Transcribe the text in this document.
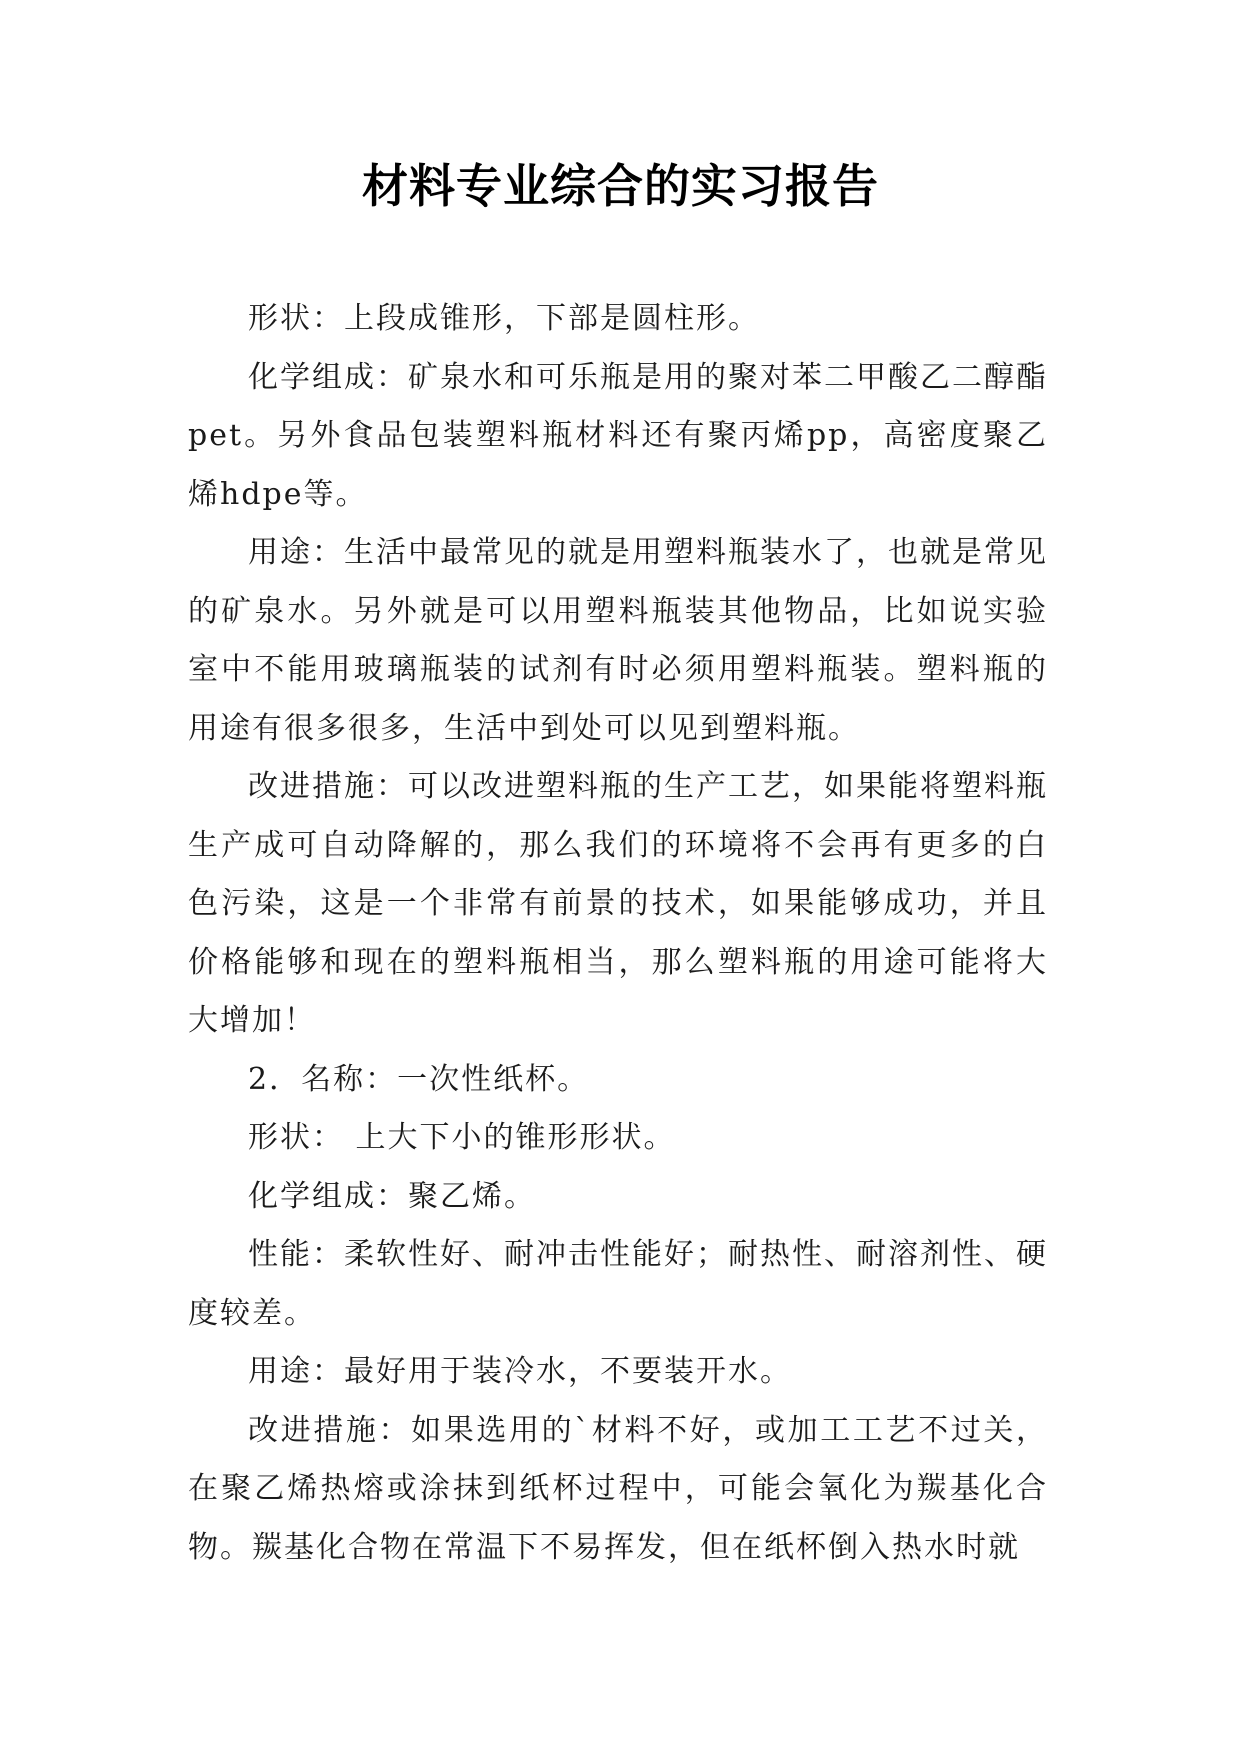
材料专业综合的实习报告

形状：上段成锥形，下部是圆柱形。

化学组成：矿泉水和可乐瓶是用的聚对苯二甲酸乙二醇酯pet。另外食品包装塑料瓶材料还有聚丙烯pp，高密度聚乙烯hdpe等。

用途：生活中最常见的就是用塑料瓶装水了，也就是常见的矿泉水。另外就是可以用塑料瓶装其他物品，比如说实验室中不能用玻璃瓶装的试剂有时必须用塑料瓶装。塑料瓶的用途有很多很多，生活中到处可以见到塑料瓶。

改进措施：可以改进塑料瓶的生产工艺，如果能将塑料瓶生产成可自动降解的，那么我们的环境将不会再有更多的白色污染，这是一个非常有前景的技术，如果能够成功，并且价格能够和现在的塑料瓶相当，那么塑料瓶的用途可能将大大增加！

2．名称：一次性纸杯。

形状： 上大下小的锥形形状。

化学组成：聚乙烯。

性能：柔软性好、耐冲击性能好；耐热性、耐溶剂性、硬度较差。

用途：最好用于装冷水，不要装开水。

改进措施：如果选用的`材料不好，或加工工艺不过关，在聚乙烯热熔或涂抹到纸杯过程中，可能会氧化为羰基化合物。羰基化合物在常温下不易挥发，但在纸杯倒入热水时就
